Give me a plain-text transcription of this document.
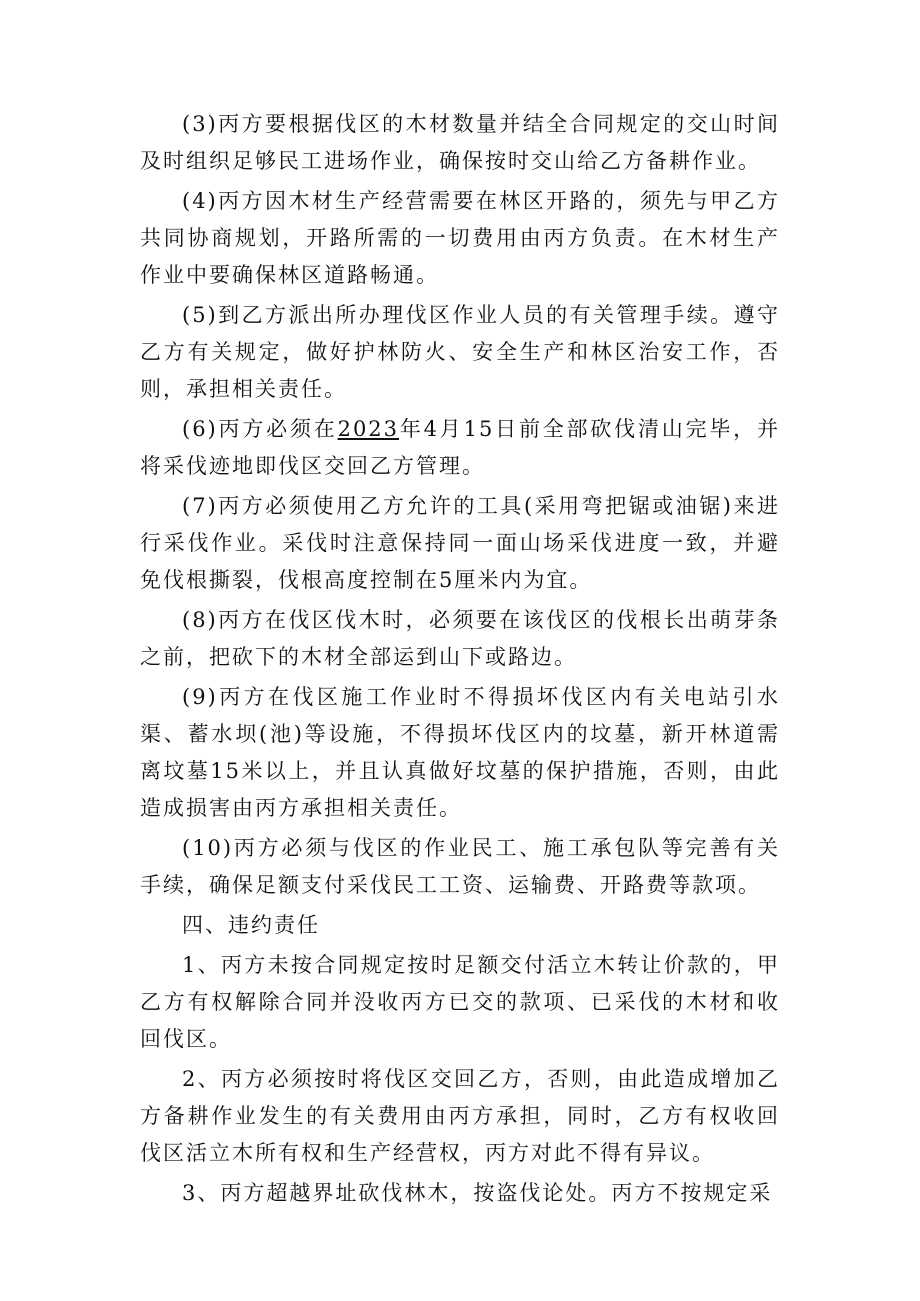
(3)丙方要根据伐区的木材数量并结全合同规定的交山时间及时组织足够民工进场作业，确保按时交山给乙方备耕作业。

(4)丙方因木材生产经营需要在林区开路的，须先与甲乙方共同协商规划，开路所需的一切费用由丙方负责。在木材生产作业中要确保林区道路畅通。

(5)到乙方派出所办理伐区作业人员的有关管理手续。遵守乙方有关规定，做好护林防火、安全生产和林区治安工作，否则，承担相关责任。

(6)丙方必须在2023年4月15日前全部砍伐清山完毕，并将采伐迹地即伐区交回乙方管理。

(7)丙方必须使用乙方允许的工具(采用弯把锯或油锯)来进行采伐作业。采伐时注意保持同一面山场采伐进度一致，并避免伐根撕裂，伐根高度控制在5厘米内为宜。

(8)丙方在伐区伐木时，必须要在该伐区的伐根长出萌芽条之前，把砍下的木材全部运到山下或路边。

(9)丙方在伐区施工作业时不得损坏伐区内有关电站引水渠、蓄水坝(池)等设施，不得损坏伐区内的坟墓，新开林道需离坟墓15米以上，并且认真做好坟墓的保护措施，否则，由此造成损害由丙方承担相关责任。

(10)丙方必须与伐区的作业民工、施工承包队等完善有关手续，确保足额支付采伐民工工资、运输费、开路费等款项。

四、违约责任

1、丙方未按合同规定按时足额交付活立木转让价款的，甲乙方有权解除合同并没收丙方已交的款项、已采伐的木材和收回伐区。

2、丙方必须按时将伐区交回乙方，否则，由此造成增加乙方备耕作业发生的有关费用由丙方承担，同时，乙方有权收回伐区活立木所有权和生产经营权，丙方对此不得有异议。

3、丙方超越界址砍伐林木，按盗伐论处。丙方不按规定采
